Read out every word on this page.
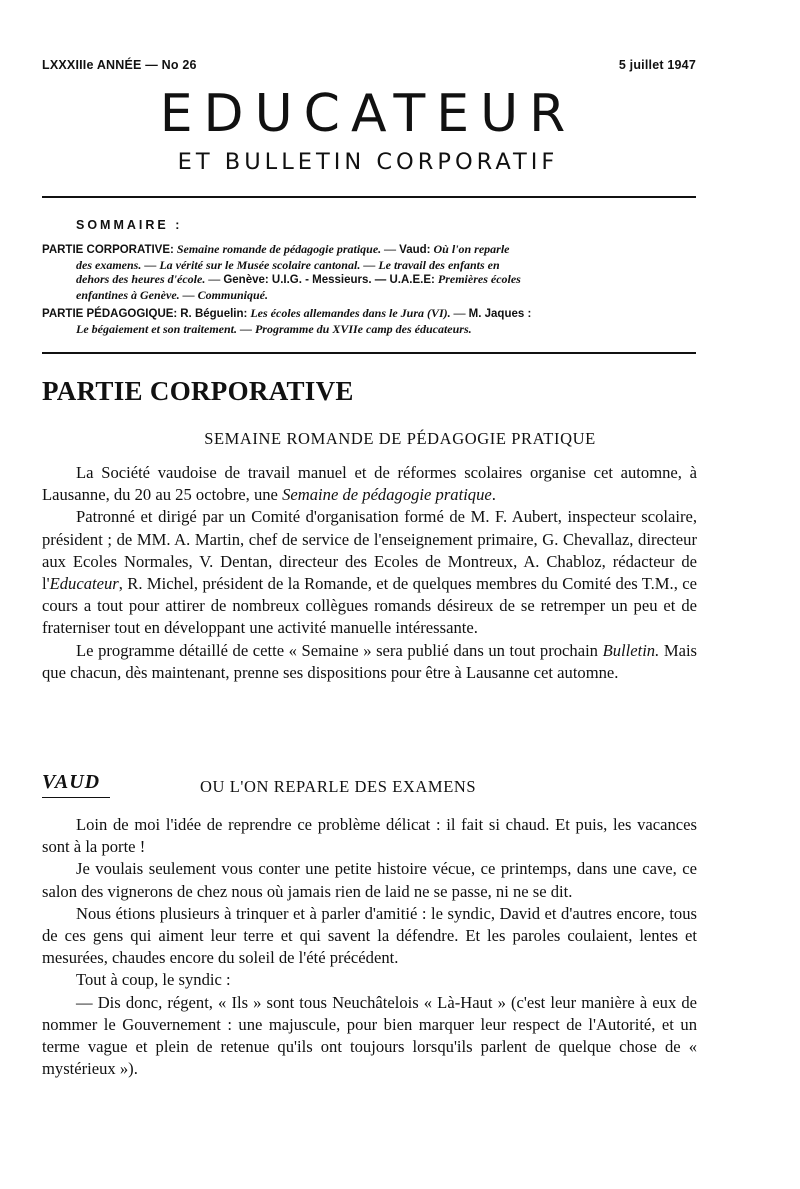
LXXXIIIe ANNÉE — No 26	5 juillet 1947
EDUCATEUR
ET BULLETIN CORPORATIF
SOMMAIRE :
PARTIE CORPORATIVE: Semaine romande de pédagogie pratique. — Vaud: Où l'on reparle
des examens. — La vérité sur le Musée scolaire cantonal. — Le travail des enfants en
dehors des heures d'école. — Genève: U.I.G. - Messieurs. — U.A.E.E: Premières écoles
enfantines à Genève. — Communiqué.
PARTIE PÉDAGOGIQUE: R. Béguelin: Les écoles allemandes dans le Jura (VI). — M. Jaques :
Le bégaiement et son traitement. — Programme du XVIIe camp des éducateurs.
PARTIE CORPORATIVE
SEMAINE ROMANDE DE PÉDAGOGIE PRATIQUE

La Société vaudoise de travail manuel et de réformes scolaires organise cet automne, à Lausanne, du 20 au 25 octobre, une Semaine de pédagogie pratique.

Patronné et dirigé par un Comité d'organisation formé de M. F. Aubert, inspecteur scolaire, président ; de MM. A. Martin, chef de service de l'enseignement primaire, G. Chevallaz, directeur aux Ecoles Normales, V. Dentan, directeur des Ecoles de Montreux, A. Chabloz, rédacteur de l'Educateur, R. Michel, président de la Romande, et de quelques membres du Comité des T.M., ce cours a tout pour attirer de nombreux collègues romands désireux de se retremper un peu et de fraterniser tout en développant une activité manuelle intéressante.

Le programme détaillé de cette « Semaine » sera publié dans un tout prochain Bulletin. Mais que chacun, dès maintenant, prenne ses dispositions pour être à Lausanne cet automne.

VAUD	OU L'ON REPARLE DES EXAMENS

Loin de moi l'idée de reprendre ce problème délicat : il fait si chaud. Et puis, les vacances sont à la porte !

Je voulais seulement vous conter une petite histoire vécue, ce printemps, dans une cave, ce salon des vignerons de chez nous où jamais rien de laid ne se passe, ni ne se dit.

Nous étions plusieurs à trinquer et à parler d'amitié : le syndic, David et d'autres encore, tous de ces gens qui aiment leur terre et qui savent la défendre. Et les paroles coulaient, lentes et mesurées, chaudes encore du soleil de l'été précédent.

Tout à coup, le syndic :

— Dis donc, régent, « Ils » sont tous Neuchâtelois « Là-Haut » (c'est leur manière à eux de nommer le Gouvernement : une majuscule, pour bien marquer leur respect de l'Autorité, et un terme vague et plein de retenue qu'ils ont toujours lorsqu'ils parlent de quelque chose de « mystérieux »).
